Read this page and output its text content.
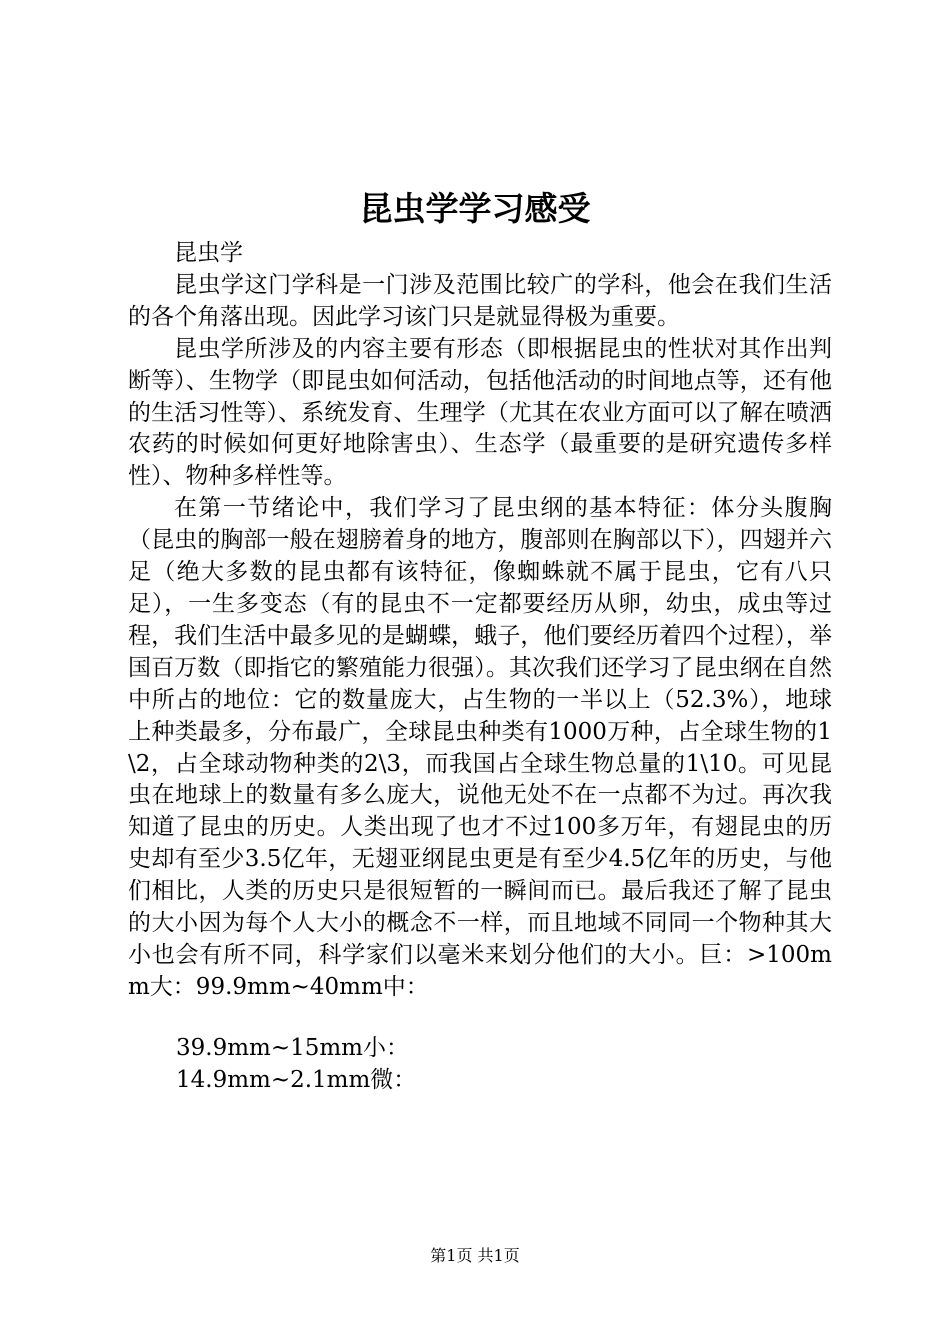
昆虫学学习感受

昆虫学

昆虫学这门学科是一门涉及范围比较广的学科，他会在我们生活的各个角落出现。因此学习该门只是就显得极为重要。

昆虫学所涉及的内容主要有形态（即根据昆虫的性状对其作出判断等）、生物学（即昆虫如何活动，包括他活动的时间地点等，还有他的生活习性等）、系统发育、生理学（尤其在农业方面可以了解在喷洒农药的时候如何更好地除害虫）、生态学（最重要的是研究遗传多样性）、物种多样性等。

在第一节绪论中，我们学习了昆虫纲的基本特征：体分头腹胸（昆虫的胸部一般在翅膀着身的地方，腹部则在胸部以下），四翅并六足（绝大多数的昆虫都有该特征，像蜘蛛就不属于昆虫，它有八只足），一生多变态（有的昆虫不一定都要经历从卵，幼虫，成虫等过程，我们生活中最多见的是蝴蝶，蛾子，他们要经历着四个过程），举国百万数（即指它的繁殖能力很强）。其次我们还学习了昆虫纲在自然中所占的地位：它的数量庞大，占生物的一半以上（52.3%），地球上种类最多，分布最广，全球昆虫种类有1000万种，占全球生物的1\2，占全球动物种类的2\3，而我国占全球生物总量的1\10。可见昆虫在地球上的数量有多么庞大，说他无处不在一点都不为过。再次我知道了昆虫的历史。人类出现了也才不过100多万年，有翅昆虫的历史却有至少3.5亿年，无翅亚纲昆虫更是有至少4.5亿年的历史，与他们相比，人类的历史只是很短暂的一瞬间而已。最后我还了解了昆虫的大小因为每个人大小的概念不一样，而且地域不同同一个物种其大小也会有所不同，科学家们以毫米来划分他们的大小。巨：>100mm大：99.9mm~40mm中：

39.9mm~15mm小：

14.9mm~2.1mm微：

第1页 共1页
